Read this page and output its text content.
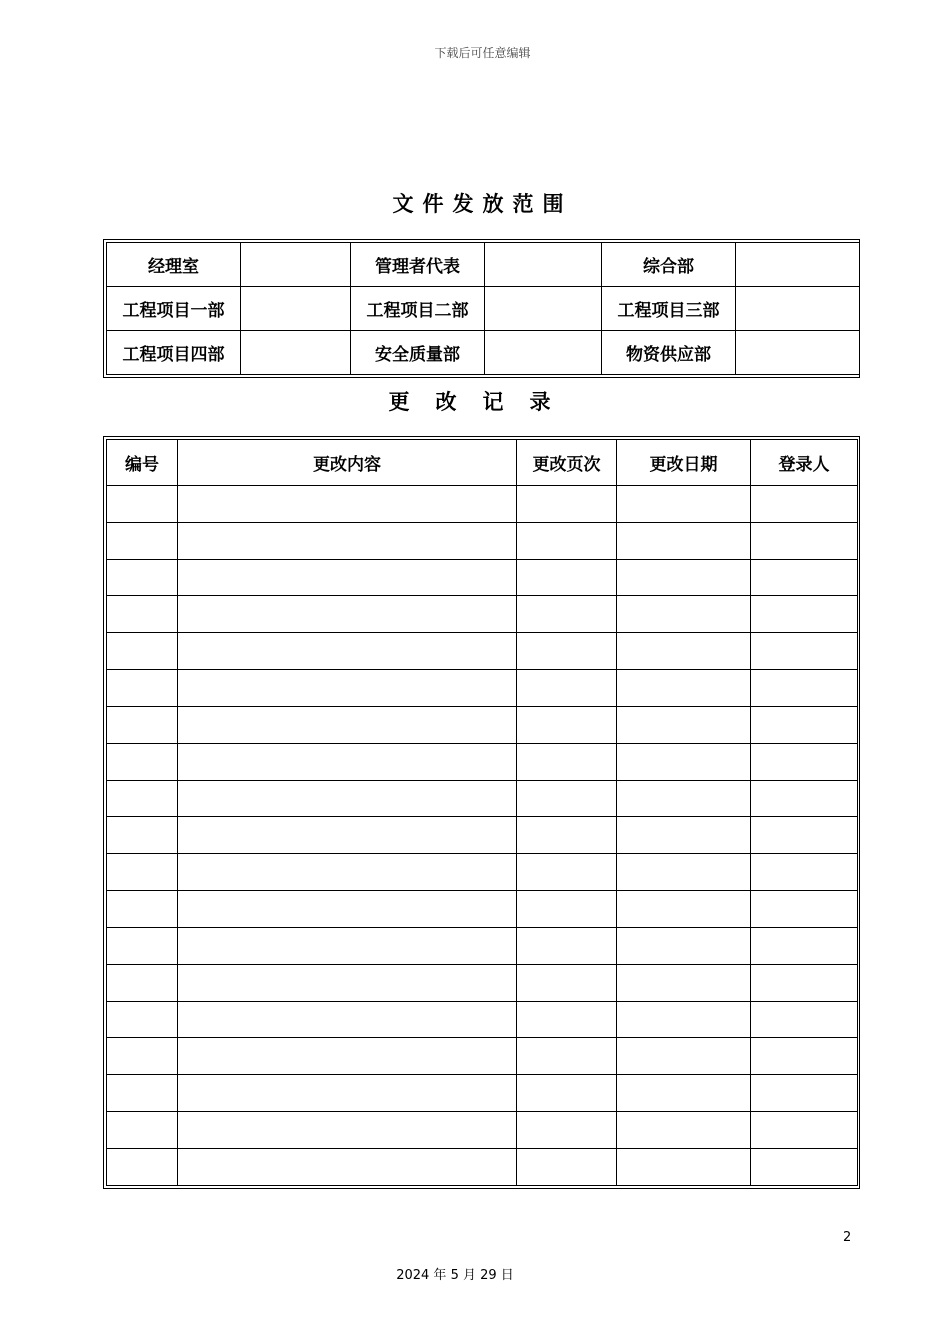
下载后可任意编辑
文件发放范围
经理室		管理者代表		综合部	
工程项目一部		工程项目二部		工程项目三部	
工程项目四部		安全质量部		物资供应部	
更改记录
编号	更改内容	更改页次	更改日期	登录人

2
2024 年 5 月 29 日
